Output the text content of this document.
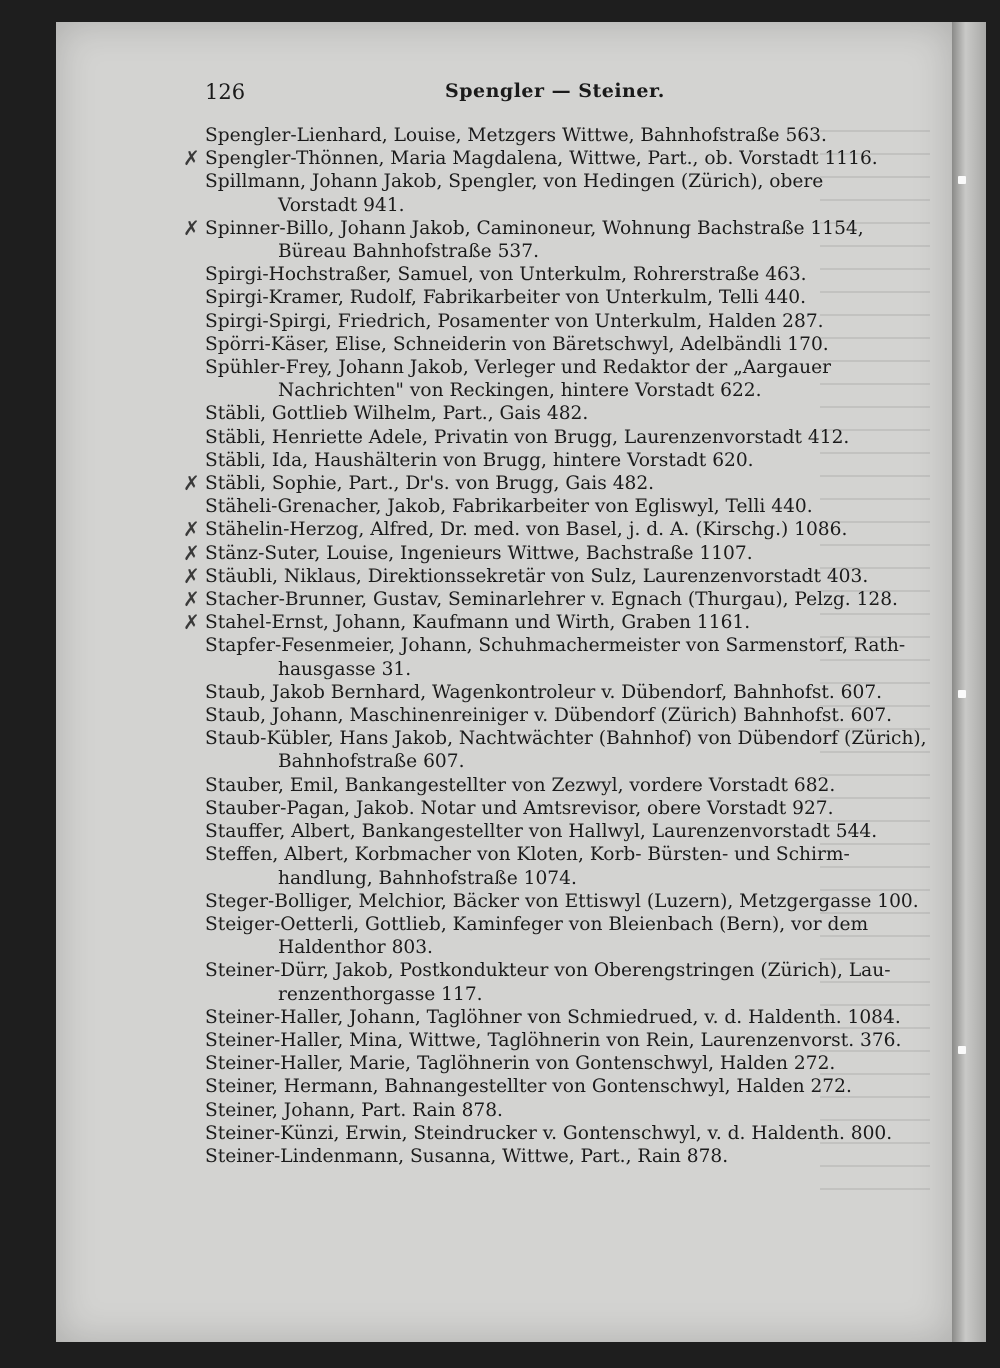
126	Spengler — Steiner.
Spengler-Lienhard, Louise, Metzgers Wittwe, Bahnhofstraße 563.
✗ Spengler-Thönnen, Maria Magdalena, Wittwe, Part., ob. Vorstadt 1116.
Spillmann, Johann Jakob, Spengler, von Hedingen (Zürich), obere
Vorstadt 941.
✗ Spinner-Billo, Johann Jakob, Caminoneur, Wohnung Bachstraße 1154,
Büreau Bahnhofstraße 537.
Spirgi-Hochstraßer, Samuel, von Unterkulm, Rohrerstraße 463.
Spirgi-Kramer, Rudolf, Fabrikarbeiter von Unterkulm, Telli 440.
Spirgi-Spirgi, Friedrich, Posamenter von Unterkulm, Halden 287.
Spörri-Käser, Elise, Schneiderin von Bäretschwyl, Adelbändli 170.
Spühler-Frey, Johann Jakob, Verleger und Redaktor der „Aargauer
Nachrichten" von Reckingen, hintere Vorstadt 622.
Stäbli, Gottlieb Wilhelm, Part., Gais 482.
Stäbli, Henriette Adele, Privatin von Brugg, Laurenzenvorstadt 412.
Stäbli, Ida, Haushälterin von Brugg, hintere Vorstadt 620.
✗ Stäbli, Sophie, Part., Dr's. von Brugg, Gais 482.
Stäheli-Grenacher, Jakob, Fabrikarbeiter von Egliswyl, Telli 440.
✗ Stähelin-Herzog, Alfred, Dr. med. von Basel, j. d. A. (Kirschg.) 1086.
✗ Stänz-Suter, Louise, Ingenieurs Wittwe, Bachstraße 1107.
✗ Stäubli, Niklaus, Direktionssekretär von Sulz, Laurenzenvorstadt 403.
✗ Stacher-Brunner, Gustav, Seminarlehrer v. Egnach (Thurgau), Pelzg. 128.
✗ Stahel-Ernst, Johann, Kaufmann und Wirth, Graben 1161.
Stapfer-Fesenmeier, Johann, Schuhmachermeister von Sarmenstorf, Rath-
hausgasse 31.
Staub, Jakob Bernhard, Wagenkontroleur v. Dübendorf, Bahnhofst. 607.
Staub, Johann, Maschinenreiniger v. Dübendorf (Zürich) Bahnhofst. 607.
Staub-Kübler, Hans Jakob, Nachtwächter (Bahnhof) von Dübendorf (Zürich),
Bahnhofstraße 607.
Stauber, Emil, Bankangestellter von Zezwyl, vordere Vorstadt 682.
Stauber-Pagan, Jakob. Notar und Amtsrevisor, obere Vorstadt 927.
Stauffer, Albert, Bankangestellter von Hallwyl, Laurenzenvorstadt 544.
Steffen, Albert, Korbmacher von Kloten, Korb- Bürsten- und Schirm-
handlung, Bahnhofstraße 1074.
Steger-Bolliger, Melchior, Bäcker von Ettiswyl (Luzern), Metzgergasse 100.
Steiger-Oetterli, Gottlieb, Kaminfeger von Bleienbach (Bern), vor dem
Haldenthor 803.
Steiner-Dürr, Jakob, Postkondukteur von Oberengstringen (Zürich), Lau-
renzenthorgasse 117.
Steiner-Haller, Johann, Taglöhner von Schmiedrued, v. d. Haldenth. 1084.
Steiner-Haller, Mina, Wittwe, Taglöhnerin von Rein, Laurenzenvorst. 376.
Steiner-Haller, Marie, Taglöhnerin von Gontenschwyl, Halden 272.
Steiner, Hermann, Bahnangestellter von Gontenschwyl, Halden 272.
Steiner, Johann, Part. Rain 878.
Steiner-Künzi, Erwin, Steindrucker v. Gontenschwyl, v. d. Haldenth. 800.
Steiner-Lindenmann, Susanna, Wittwe, Part., Rain 878.
